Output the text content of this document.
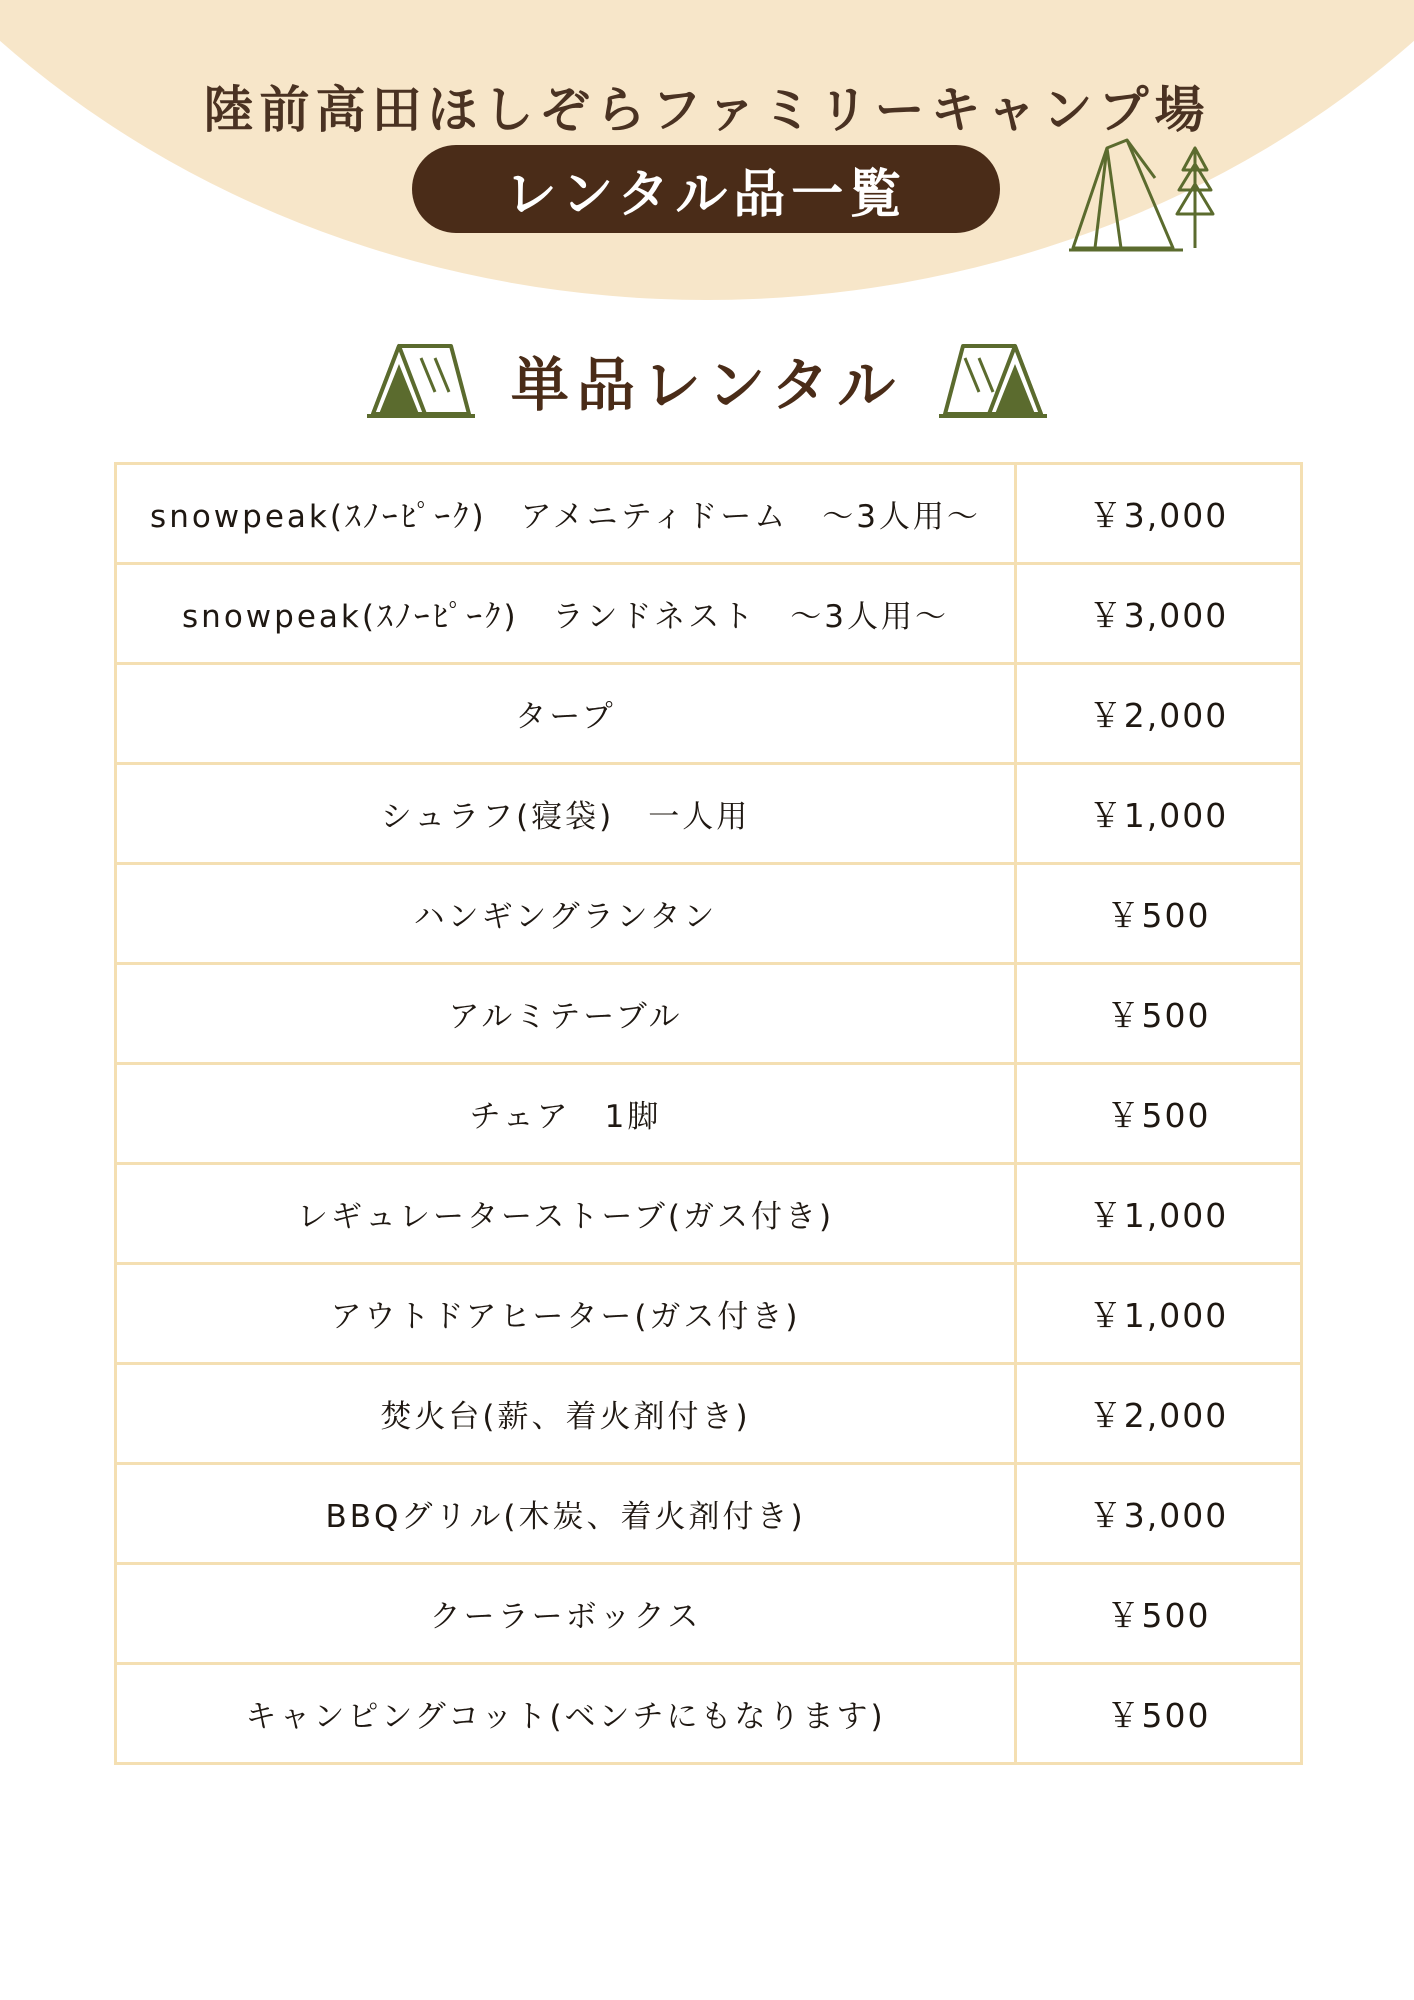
陸前高田ほしぞらファミリーキャンプ場
レンタル品一覧
単品レンタル
snowpeak(ｽﾉｰﾋﾟｰｸ)　アメニティドーム　〜3人用〜	￥3,000
snowpeak(ｽﾉｰﾋﾟｰｸ)　ランドネスト　〜3人用〜	￥3,000
タープ	￥2,000
シュラフ(寝袋)　一人用	￥1,000
ハンギングランタン	￥500
アルミテーブル	￥500
チェア　1脚	￥500
レギュレーターストーブ(ガス付き)	￥1,000
アウトドアヒーター(ガス付き)	￥1,000
焚火台(薪、着火剤付き)	￥2,000
BBQグリル(木炭、着火剤付き)	￥3,000
クーラーボックス	￥500
キャンピングコット(ベンチにもなります)	￥500
